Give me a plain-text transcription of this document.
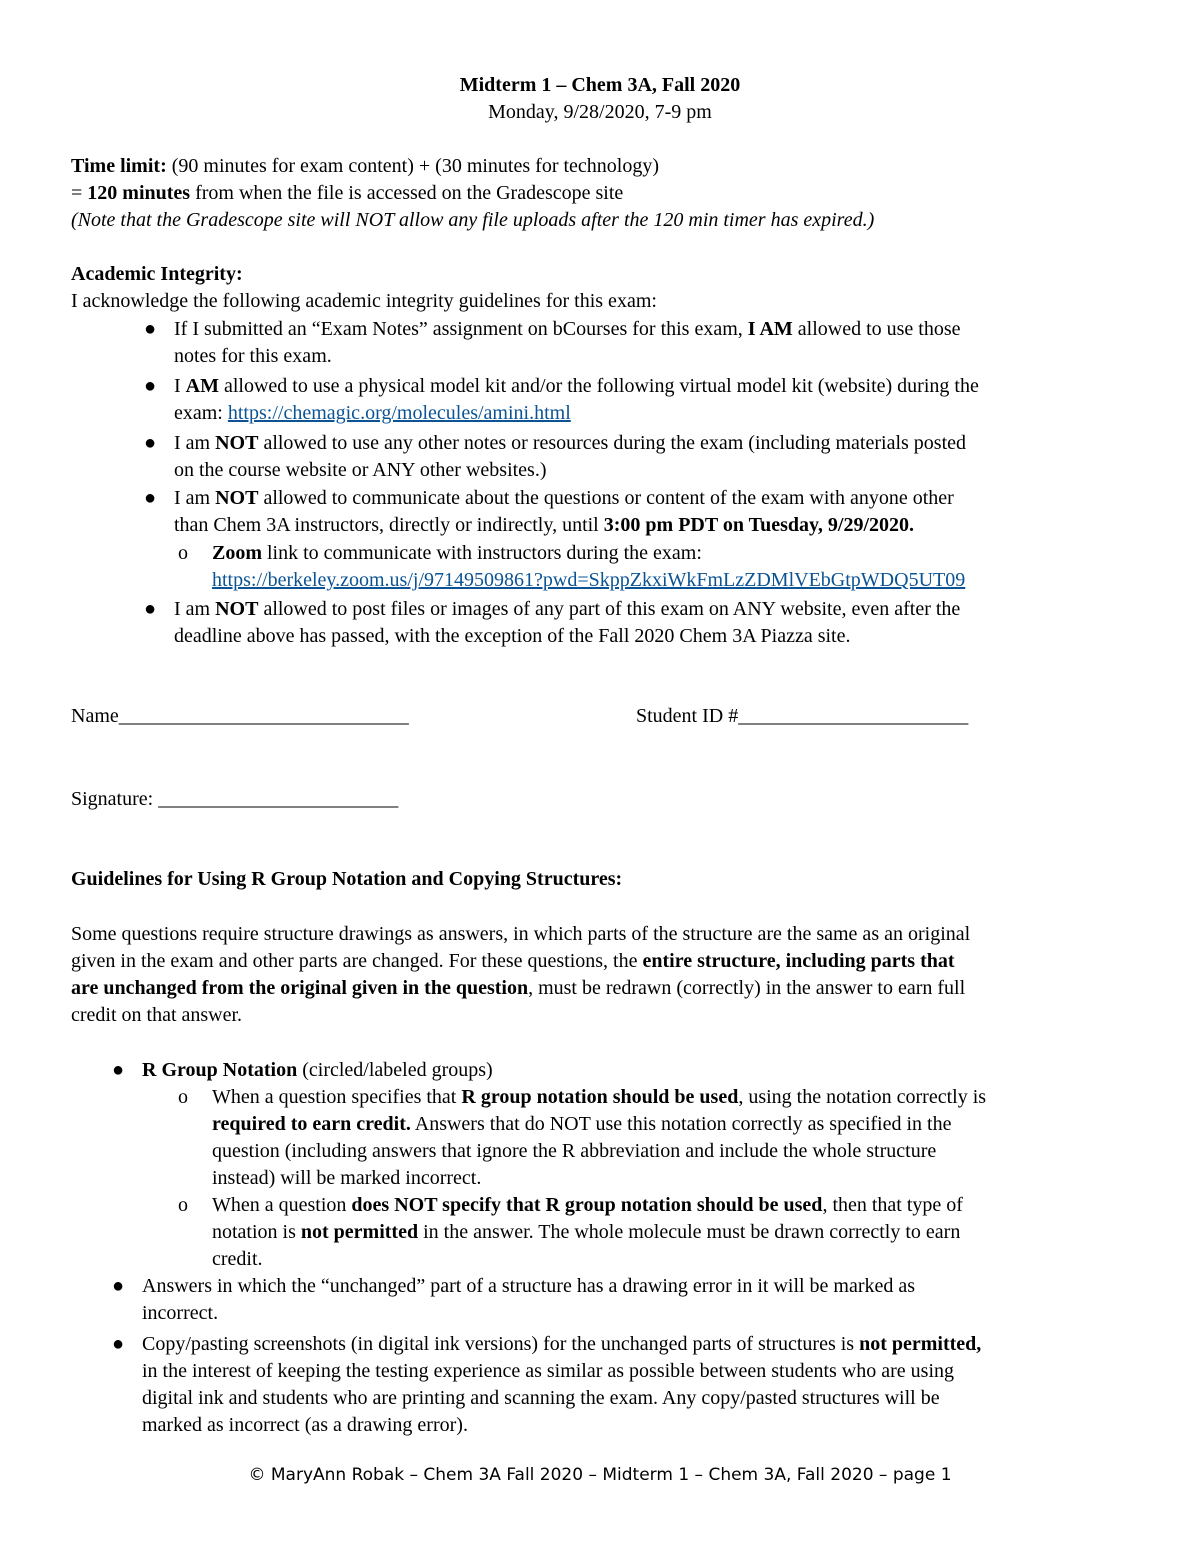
Midterm 1 – Chem 3A, Fall 2020
Monday, 9/28/2020, 7-9 pm
Time limit: (90 minutes for exam content) + (30 minutes for technology)
= 120 minutes from when the file is accessed on the Gradescope site
(Note that the Gradescope site will NOT allow any file uploads after the 120 min timer has expired.)
Academic Integrity:
I acknowledge the following academic integrity guidelines for this exam:
● If I submitted an “Exam Notes” assignment on bCourses for this exam, I AM allowed to use those
notes for this exam.
● I AM allowed to use a physical model kit and/or the following virtual model kit (website) during the
exam: https://chemagic.org/molecules/amini.html
● I am NOT allowed to use any other notes or resources during the exam (including materials posted
on the course website or ANY other websites.)
● I am NOT allowed to communicate about the questions or content of the exam with anyone other
than Chem 3A instructors, directly or indirectly, until 3:00 pm PDT on Tuesday, 9/29/2020.
o Zoom link to communicate with instructors during the exam:
https://berkeley.zoom.us/j/97149509861?pwd=SkppZkxiWkFmLzZDMlVEbGtpWDQ5UT09
● I am NOT allowed to post files or images of any part of this exam on ANY website, even after the
deadline above has passed, with the exception of the Fall 2020 Chem 3A Piazza site.
Name_____________________________	Student ID #_______________________
Signature: ________________________
Guidelines for Using R Group Notation and Copying Structures:
Some questions require structure drawings as answers, in which parts of the structure are the same as an original
given in the exam and other parts are changed. For these questions, the entire structure, including parts that
are unchanged from the original given in the question, must be redrawn (correctly) in the answer to earn full
credit on that answer.
● R Group Notation (circled/labeled groups)
o When a question specifies that R group notation should be used, using the notation correctly is
required to earn credit. Answers that do NOT use this notation correctly as specified in the
question (including answers that ignore the R abbreviation and include the whole structure
instead) will be marked incorrect.
o When a question does NOT specify that R group notation should be used, then that type of
notation is not permitted in the answer. The whole molecule must be drawn correctly to earn
credit.
● Answers in which the “unchanged” part of a structure has a drawing error in it will be marked as
incorrect.
● Copy/pasting screenshots (in digital ink versions) for the unchanged parts of structures is not permitted,
in the interest of keeping the testing experience as similar as possible between students who are using
digital ink and students who are printing and scanning the exam. Any copy/pasted structures will be
marked as incorrect (as a drawing error).
© MaryAnn Robak – Chem 3A Fall 2020 – Midterm 1 – Chem 3A, Fall 2020 – page 1
